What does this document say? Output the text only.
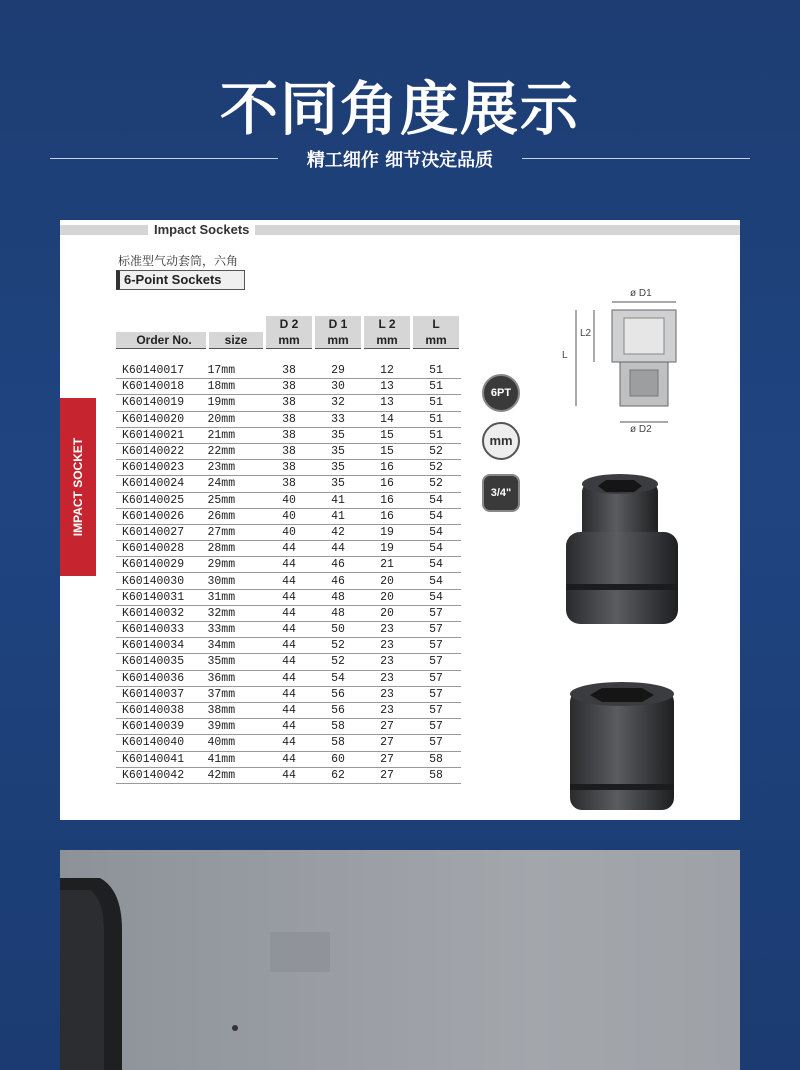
不同角度展示
精工细作 细节决定品质
Impact Sockets
标准型气动套筒，六角
6-Point Sockets
IMPACT SOCKET
		D 2	D 1	L 2	L
Order No.	size	mm	mm	mm	mm

K60140017	17mm	38	29	12	51
K60140018	18mm	38	30	13	51
K60140019	19mm	38	32	13	51
K60140020	20mm	38	33	14	51
K60140021	21mm	38	35	15	51
K60140022	22mm	38	35	15	52
K60140023	23mm	38	35	16	52
K60140024	24mm	38	35	16	52
K60140025	25mm	40	41	16	54
K60140026	26mm	40	41	16	54
K60140027	27mm	40	42	19	54
K60140028	28mm	44	44	19	54
K60140029	29mm	44	46	21	54
K60140030	30mm	44	46	20	54
K60140031	31mm	44	48	20	54
K60140032	32mm	44	48	20	57
K60140033	33mm	44	50	23	57
K60140034	34mm	44	52	23	57
K60140035	35mm	44	52	23	57
K60140036	36mm	44	54	23	57
K60140037	37mm	44	56	23	57
K60140038	38mm	44	56	23	57
K60140039	39mm	44	58	27	57
K60140040	40mm	44	58	27	57
K60140041	41mm	44	60	27	58
K60140042	42mm	44	62	27	58
6PT
mm
3/4"
ø D1
ø D2
L
L2
